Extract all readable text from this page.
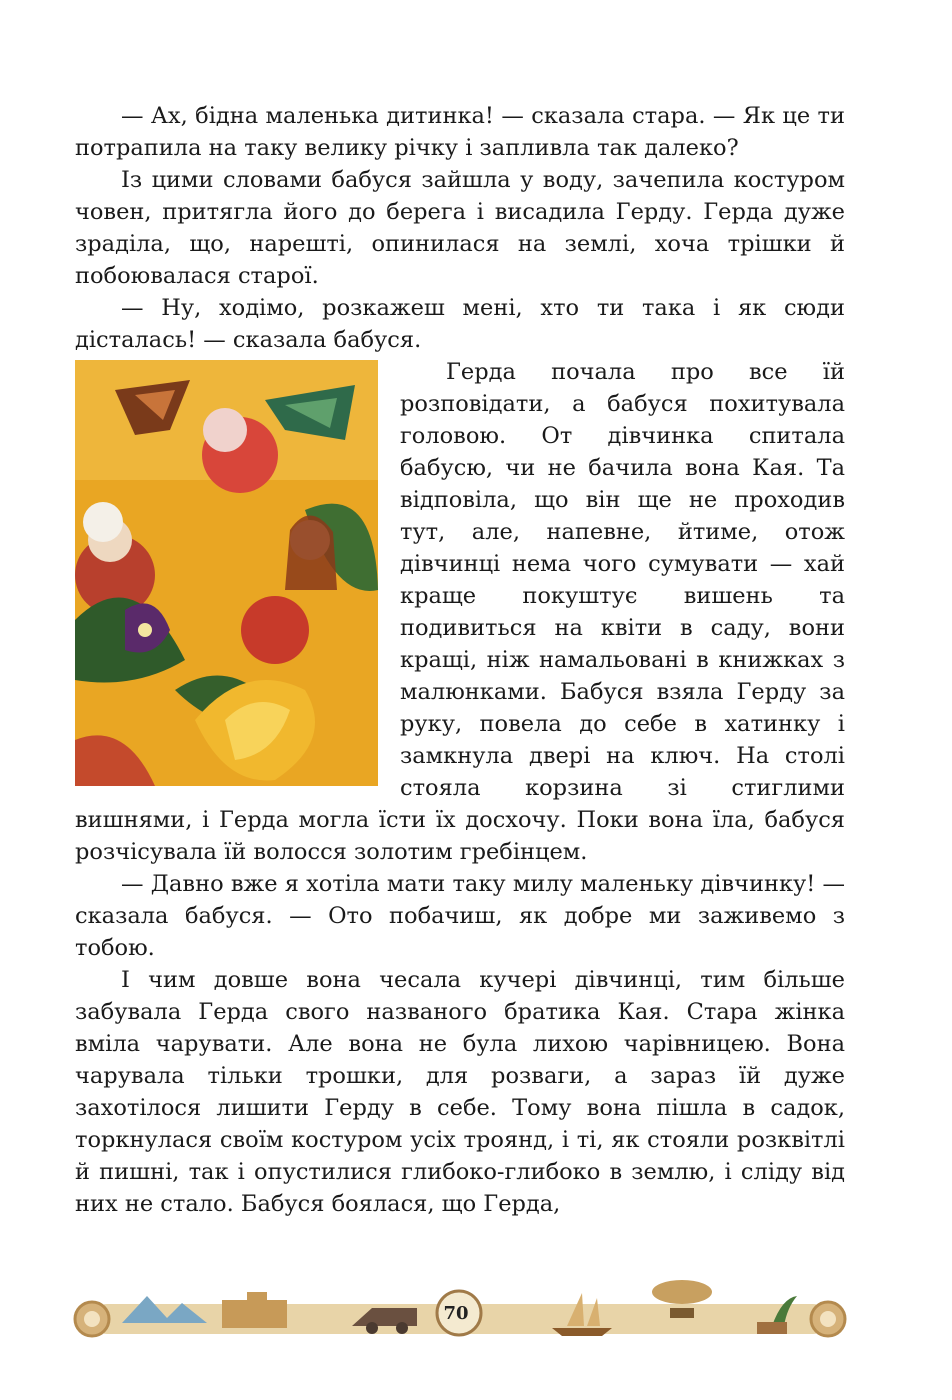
— Ах, бідна маленька дитинка! — сказала стара. — Як це ти потрапила на таку велику річку і запливла так далеко?

Із цими словами бабуся зайшла у воду, зачепила костуром човен, притягла його до берега і висадила Герду. Герда дуже зраділа, що, нарешті, опинилася на землі, хоча трішки й побоювалася старої.

— Ну, ходімо, розкажеш мені, хто ти така і як сюди дісталась! — сказала бабуся.

Герда почала про все їй розповідати, а бабуся похитувала головою. От дівчинка спитала бабусю, чи не бачила вона Кая. Та відповіла, що він ще не проходив тут, але, напевне, йтиме, отож дівчинці нема чого сумувати — хай краще покуштує вишень та подивиться на квіти в саду, вони кращі, ніж намальовані в книжках з малюнками. Бабуся взяла Герду за руку, повела до себе в хатинку і замкнула двері на ключ. На столі стояла корзина зі стиглими вишнями, і Герда могла їсти їх досхочу. Поки вона їла, бабуся розчісувала їй волосся золотим гребінцем.

— Давно вже я хотіла мати таку милу маленьку дівчинку! — сказала бабуся. — Ото побачиш, як добре ми заживемо з тобою.

І чим довше вона чесала кучері дівчинці, тим більше забувала Герда свого названого братика Кая. Стара жінка вміла чарувати. Але вона не була лихою чарівницею. Вона чарувала тільки трошки, для розваги, а зараз їй дуже захотілося лишити Герду в себе. Тому вона пішла в садок, торкнулася своїм костуром усіх троянд, і ті, як стояли розквітлі й пишні, так і опустилися глибоко-глибоко в землю, і сліду від них не стало. Бабуся боялася, що Герда,

70
